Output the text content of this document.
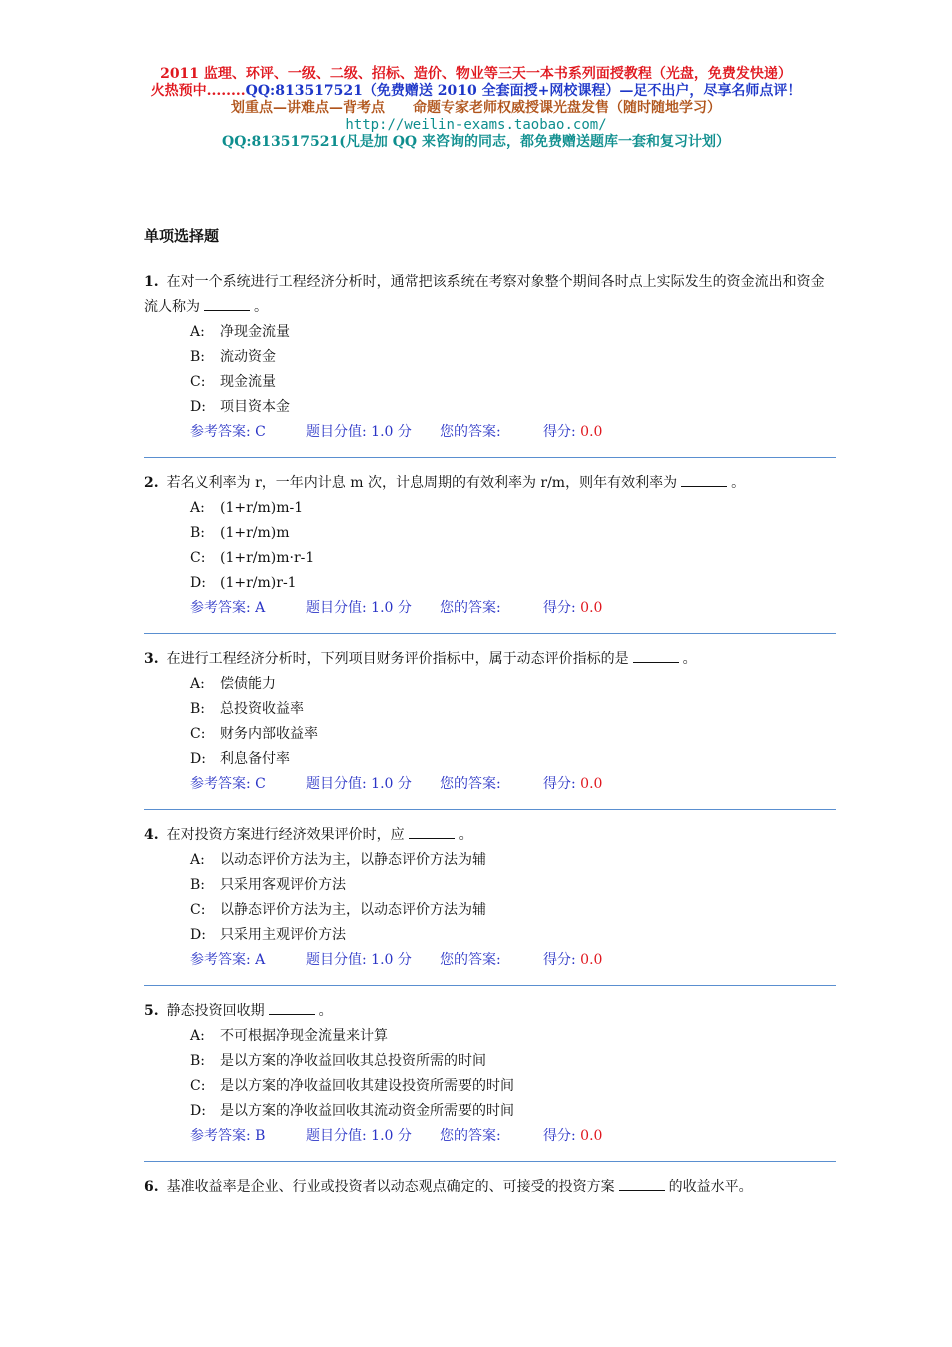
2011 监理、环评、一级、二级、招标、造价、物业等三天一本书系列面授教程（光盘，免费发快递）
火热预中........QQ:813517521（免费赠送 2010 全套面授+网校课程）—足不出户，尽享名师点评！
划重点—讲难点—背考点　　命题专家老师权威授课光盘发售（随时随地学习）
http://weilin-exams.taobao.com/
QQ:813517521(凡是加 QQ 来咨询的同志，都免费赠送题库一套和复习计划）
单项选择题
1. 在对一个系统进行工程经济分析时，通常把该系统在考察对象整个期间各时点上实际发生的资金流出和资金流人称为	。
A: 净现金流量
B: 流动资金
C: 现金流量
D: 项目资本金
参考答案: C	题目分值: 1.0 分 您的答案:	得分: 0.0
2. 若名义利率为 r，一年内计息 m 次，计息周期的有效利率为 r/m，则年有效利率为	。
A: (1+r/m)m-1
B: (1+r/m)m
C: (1+r/m)m·r-1
D: (1+r/m)r-1
参考答案: A	题目分值: 1.0 分 您的答案:	得分: 0.0
3. 在进行工程经济分析时，下列项目财务评价指标中，属于动态评价指标的是	。
A: 偿债能力
B: 总投资收益率
C: 财务内部收益率
D: 利息备付率
参考答案: C	题目分值: 1.0 分 您的答案:	得分: 0.0
4. 在对投资方案进行经济效果评价时，应	。
A: 以动态评价方法为主，以静态评价方法为辅
B: 只采用客观评价方法
C: 以静态评价方法为主，以动态评价方法为辅
D: 只采用主观评价方法
参考答案: A	题目分值: 1.0 分 您的答案:	得分: 0.0
5. 静态投资回收期	。
A: 不可根据净现金流量来计算
B: 是以方案的净收益回收其总投资所需的时间
C: 是以方案的净收益回收其建设投资所需要的时间
D: 是以方案的净收益回收其流动资金所需要的时间
参考答案: B	题目分值: 1.0 分 您的答案:	得分: 0.0
6. 基准收益率是企业、行业或投资者以动态观点确定的、可接受的投资方案	的收益水平。
